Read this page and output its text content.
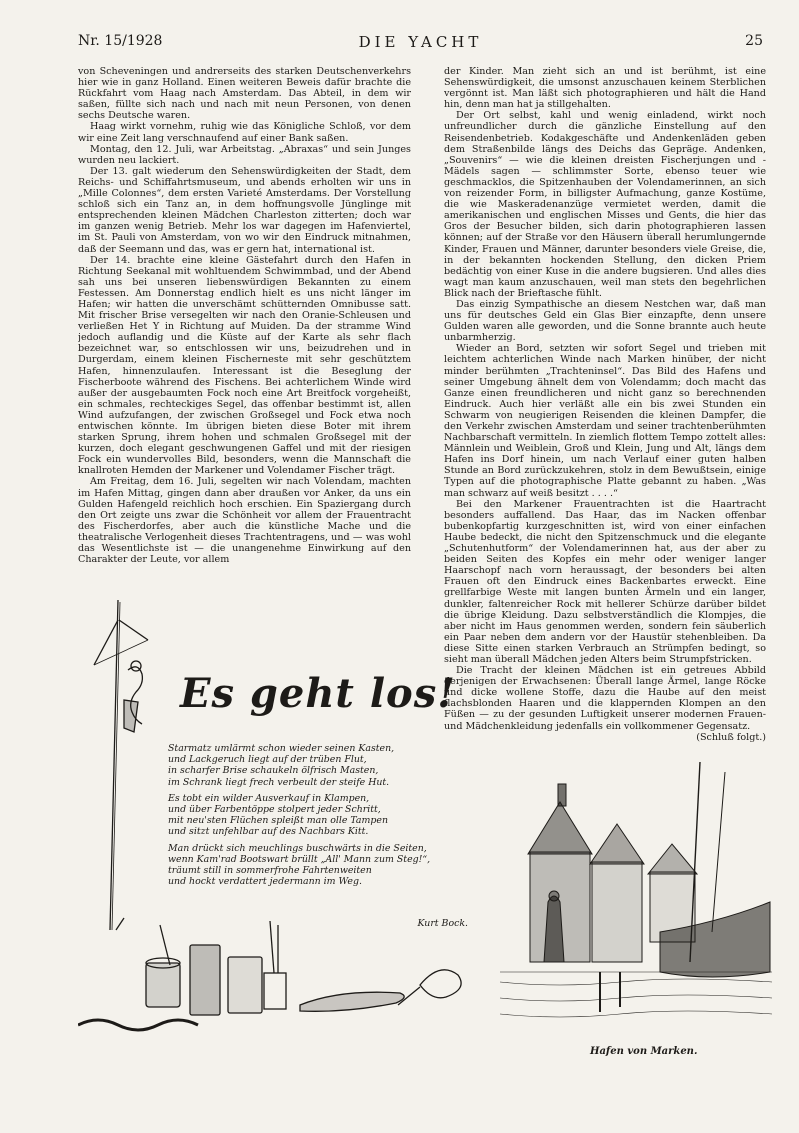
Nr. 15/1928	DIE YACHT	25

von Scheveningen und andrerseits des starken Deutschenverkehrs hier wie in ganz Holland. Einen weiteren Beweis dafür brachte die Rückfahrt vom Haag nach Amsterdam. Das Abteil, in dem wir saßen, füllte sich nach und nach mit neun Personen, von denen sechs Deutsche waren.

Haag wirkt vornehm, ruhig wie das Königliche Schloß, vor dem wir eine Zeit lang verschnaufend auf einer Bank saßen.

Montag, den 12. Juli, war Arbeitstag. „Abraxas“ und sein Junges wurden neu lackiert.

Der 13. galt wiederum den Sehenswürdigkeiten der Stadt, dem Reichs- und Schiffahrtsmuseum, und abends erholten wir uns in „Mille Colonnes“, dem ersten Varieté Amsterdams. Der Vorstellung schloß sich ein Tanz an, in dem hoffnungsvolle Jünglinge mit entsprechenden kleinen Mädchen Charleston zitterten; doch war im ganzen wenig Betrieb. Mehr los war dagegen im Hafenviertel, im St. Pauli von Amsterdam, von wo wir den Eindruck mitnahmen, daß der Seemann und das, was er gern hat, international ist.

Der 14. brachte eine kleine Gästefahrt durch den Hafen in Richtung Seekanal mit wohltuendem Schwimmbad, und der Abend sah uns bei unseren liebenswürdigen Bekannten zu einem Festessen. Am Donnerstag endlich hielt es uns nicht länger im Hafen; wir hatten die unverschämt schütternden Omnibusse satt. Mit frischer Brise versegelten wir nach den Oranie-Schleusen und verließen Het Y in Richtung auf Muiden. Da der stramme Wind jedoch auflandig und die Küste auf der Karte als sehr flach bezeichnet war, so entschlossen wir uns, beizudrehen und in Durgerdam, einem kleinen Fischerneste mit sehr geschütztem Hafen, hinnenzulaufen. Interessant ist die Beseglung der Fischerboote während des Fischens. Bei achterlichem Winde wird außer der ausgebaumten Fock noch eine Art Breitfock vorgeheißt, ein schmales, rechteckiges Segel, das offenbar bestimmt ist, allen Wind aufzufangen, der zwischen Großsegel und Fock etwa noch entwischen könnte. Im übrigen bieten diese Boter mit ihrem starken Sprung, ihrem hohen und schmalen Großsegel mit der kurzen, doch elegant geschwungenen Gaffel und mit der riesigen Fock ein wundervolles Bild, besonders, wenn die Mannschaft die knallroten Hemden der Markener und Volendamer Fischer trägt.

Am Freitag, dem 16. Juli, segelten wir nach Volendam, machten im Hafen Mittag, gingen dann aber draußen vor Anker, da uns ein Gulden Hafengeld reichlich hoch erschien. Ein Spaziergang durch den Ort zeigte uns zwar die Schönheit vor allem der Frauentracht des Fischerdorfes, aber auch die künstliche Mache und die theatralische Verlogenheit dieses Trachtentragens, und — was wohl das Wesentlichste ist — die unangenehme Einwirkung auf den Charakter der Leute, vor allem

der Kinder. Man zieht sich an und ist berühmt, ist eine Sehenswürdigkeit, die umsonst anzuschauen keinem Sterblichen vergönnt ist. Man läßt sich photographieren und hält die Hand hin, denn man hat ja stillgehalten.

Der Ort selbst, kahl und wenig einladend, wirkt noch unfreundlicher durch die gänzliche Einstellung auf den Reisendenbetrieb. Kodakgeschäfte und Andenkenläden geben dem Straßenbilde längs des Deichs das Gepräge. Andenken, „Souvenirs“ — wie die kleinen dreisten Fischerjungen und -Mädels sagen — schlimmster Sorte, ebenso teuer wie geschmacklos, die Spitzenhauben der Volendamerinnen, an sich von reizender Form, in billigster Aufmachung, ganze Kostüme, die wie Maskeradenanzüge vermietet werden, damit die amerikanischen und englischen Misses und Gents, die hier das Gros der Besucher bilden, sich darin photographieren lassen können; auf der Straße vor den Häusern überall herumlungernde Kinder, Frauen und Männer, darunter besonders viele Greise, die, in der bekannten hockenden Stellung, den dicken Priem bedächtig von einer Kuse in die andere bugsieren. Und alles dies wagt man kaum anzuschauen, weil man stets den begehrlichen Blick nach der Brieftasche fühlt.

Das einzig Sympathische an diesem Nestchen war, daß man uns für deutsches Geld ein Glas Bier einzapfte, denn unsere Gulden waren alle geworden, und die Sonne brannte auch heute unbarmherzig.

Wieder an Bord, setzten wir sofort Segel und trieben mit leichtem achterlichen Winde nach Marken hinüber, der nicht minder berühmten „Trachteninsel“. Das Bild des Hafens und seiner Umgebung ähnelt dem von Volendamm; doch macht das Ganze einen freundlicheren und nicht ganz so berechnenden Eindruck. Auch hier verläßt alle ein bis zwei Stunden ein Schwarm von neugierigen Reisenden die kleinen Dampfer, die den Verkehr zwischen Amsterdam und seiner trachtenberühmten Nachbarschaft vermitteln. In ziemlich flottem Tempo zottelt alles: Männlein und Weiblein, Groß und Klein, Jung und Alt, längs dem Hafen ins Dorf hinein, um nach Verlauf einer guten halben Stunde an Bord zurückzukehren, stolz in dem Bewußtsein, einige Typen auf die photographische Platte gebannt zu haben. „Was man schwarz auf weiß besitzt . . . .“

Bei den Markener Frauentrachten ist die Haartracht besonders auffallend. Das Haar, das im Nacken offenbar bubenkopfartig kurzgeschnitten ist, wird von einer einfachen Haube bedeckt, die nicht den Spitzenschmuck und die elegante „Schutenhutform“ der Volendamerinnen hat, aus der aber zu beiden Seiten des Kopfes ein mehr oder weniger langer Haarschopf nach vorn heraussagt, der besonders bei alten Frauen oft den Eindruck eines Backenbartes erweckt. Eine grellfarbige Weste mit langen bunten Ärmeln und ein langer, dunkler, faltenreicher Rock mit hellerer Schürze darüber bildet die übrige Kleidung. Dazu selbstverständlich die Klompjes, die aber nicht im Haus genommen werden, sondern fein säuberlich ein Paar neben dem andern vor der Haustür stehenbleiben. Da diese Sitte einen starken Verbrauch an Strümpfen bedingt, so sieht man überall Mädchen jeden Alters beim Strumpfstricken.

Die Tracht der kleinen Mädchen ist ein getreues Abbild derjenigen der Erwachsenen: Überall lange Ärmel, lange Röcke und dicke wollene Stoffe, dazu die Haube auf den meist flachsblonden Haaren und die klappernden Klompen an den Füßen — zu der gesunden Luftigkeit unserer modernen Frauen- und Mädchenkleidung jedenfalls ein vollkommener Gegensatz.

(Schluß folgt.)

Es geht los!
Starmatz umlärmt schon wieder seinen Kasten,
und Lackgeruch liegt auf der trüben Flut,
in scharfer Brise schaukeln ölfrisch Masten,
im Schrank liegt frech verbeult der steife Hut.
Es tobt ein wilder Ausverkauf in Klampen,
und über Farbentöppe stolpert jeder Schritt,
mit neu'sten Flüchen spleißt man olle Tampen
und sitzt unfehlbar auf des Nachbars Kitt.
Man drückt sich meuchlings buschwärts in die Seiten,
wenn Kam'rad Bootswart brüllt „All' Mann zum Steg!“,
träumt still in sommerfrohe Fahrtenweiten
und hockt verdattert jedermann im Weg.
Kurt Bock.
Hafen von Marken.
